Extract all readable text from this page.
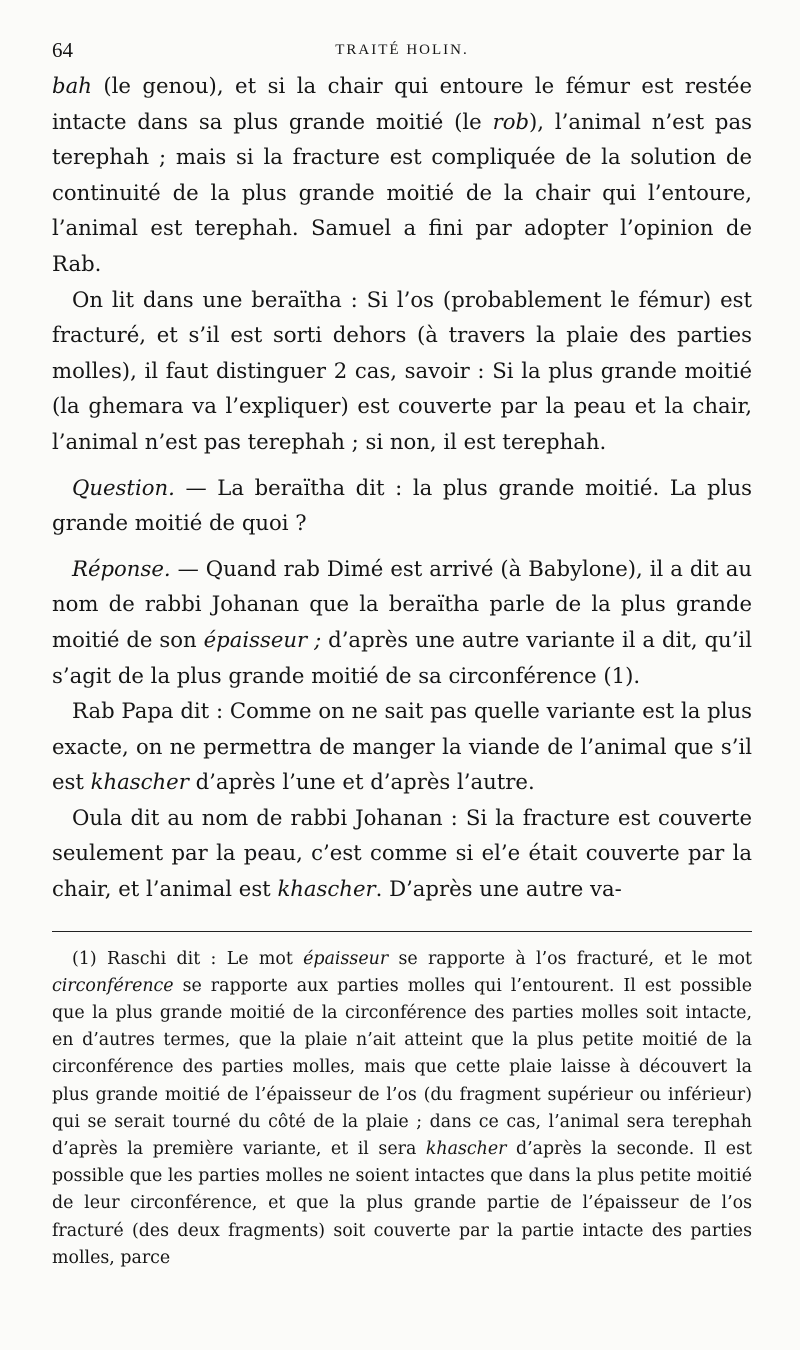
64	TRAITÉ HOLIN.

bah (le genou), et si la chair qui entoure le fémur est restée intacte dans sa plus grande moitié (le rob), l’animal n’est pas terephah ; mais si la fracture est compliquée de la solution de continuité de la plus grande moitié de la chair qui l’entoure, l’animal est terephah. Samuel a fini par adopter l’opinion de Rab.

On lit dans une beraïtha : Si l’os (probablement le fémur) est fracturé, et s’il est sorti dehors (à travers la plaie des parties molles), il faut distinguer 2 cas, savoir : Si la plus grande moitié (la ghemara va l’expliquer) est couverte par la peau et la chair, l’animal n’est pas terephah ; si non, il est terephah.

Question. — La beraïtha dit : la plus grande moitié. La plus grande moitié de quoi ?

Réponse. — Quand rab Dimé est arrivé (à Babylone), il a dit au nom de rabbi Johanan que la beraïtha parle de la plus grande moitié de son épaisseur ; d’après une autre variante il a dit, qu’il s’agit de la plus grande moitié de sa circonférence (1).

Rab Papa dit : Comme on ne sait pas quelle variante est la plus exacte, on ne permettra de manger la viande de l’animal que s’il est khascher d’après l’une et d’après l’autre.

Oula dit au nom de rabbi Johanan : Si la fracture est couverte seulement par la peau, c’est comme si el’e était couverte par la chair, et l’animal est khascher. D’après une autre va-

(1) Raschi dit : Le mot épaisseur se rapporte à l’os fracturé, et le mot circonférence se rapporte aux parties molles qui l’entourent. Il est possible que la plus grande moitié de la circonférence des parties molles soit intacte, en d’autres termes, que la plaie n’ait atteint que la plus petite moitié de la circonférence des parties molles, mais que cette plaie laisse à découvert la plus grande moitié de l’épaisseur de l’os (du fragment supérieur ou inférieur) qui se serait tourné du côté de la plaie ; dans ce cas, l’animal sera terephah d’après la première variante, et il sera khascher d’après la seconde. Il est possible que les parties molles ne soient intactes que dans la plus petite moitié de leur circonférence, et que la plus grande partie de l’épaisseur de l’os fracturé (des deux fragments) soit couverte par la partie intacte des parties molles, parce
